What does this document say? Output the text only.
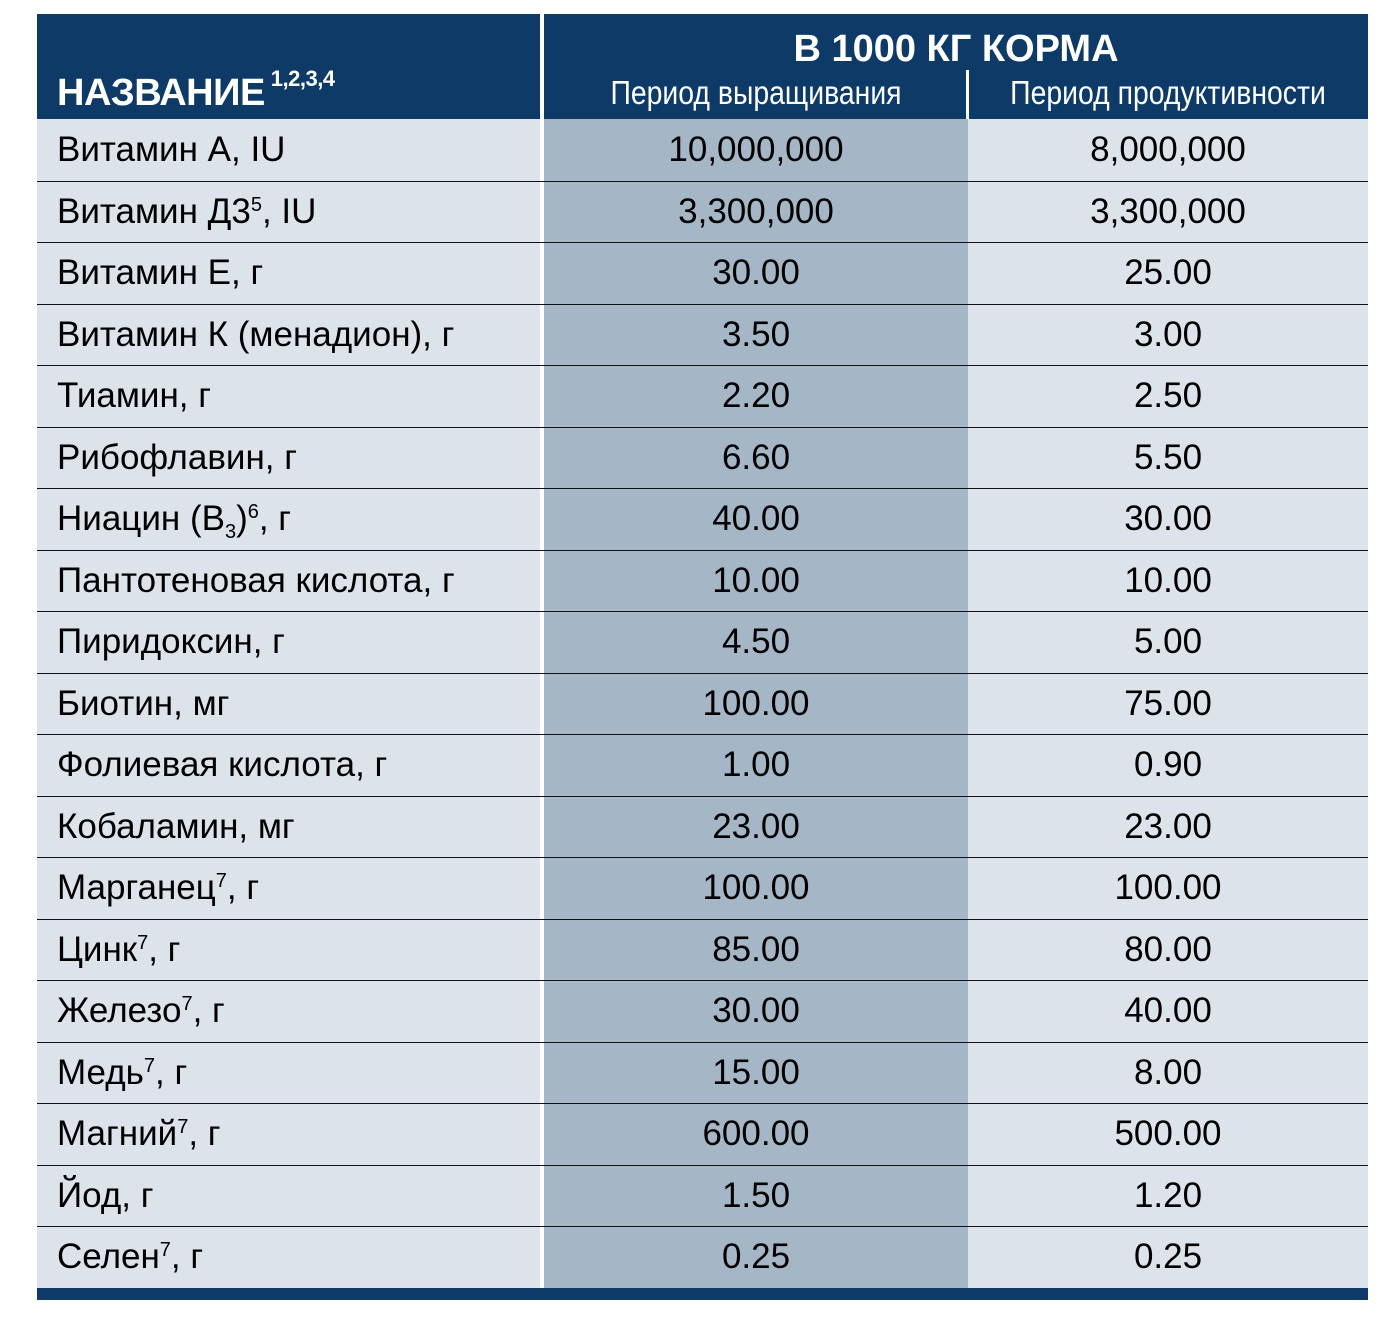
НАЗВАНИЕ $^{1,2,3,4}$
В 1000 КГ КОРМА
Период выращивания	Период продуктивности
Витамин A, IU	10,000,000	8,000,000
Витамин $Д3^5$, IU	3,300,000	3,300,000
Витамин E, г	30.00	25.00
Витамин К (менадион), г	3.50	3.00
Тиамин, г	2.20	2.50
Рибофлавин, г	6.60	5.50
Ниацин $(B_3)^6$, г	40.00	30.00
Пантотеновая кислота, г	10.00	10.00
Пиридоксин, г	4.50	5.00
Биотин, мг	100.00	75.00
Фолиевая кислота, г	1.00	0.90
Кобаламин, мг	23.00	23.00
Марганец$^7$, г	100.00	100.00
Цинк$^7$, г	85.00	80.00
Железо$^7$, г	30.00	40.00
Медь$^7$, г	15.00	8.00
Магний$^7$, г	600.00	500.00
Йод, г	1.50	1.20
Селен$^7$, г	0.25	0.25
